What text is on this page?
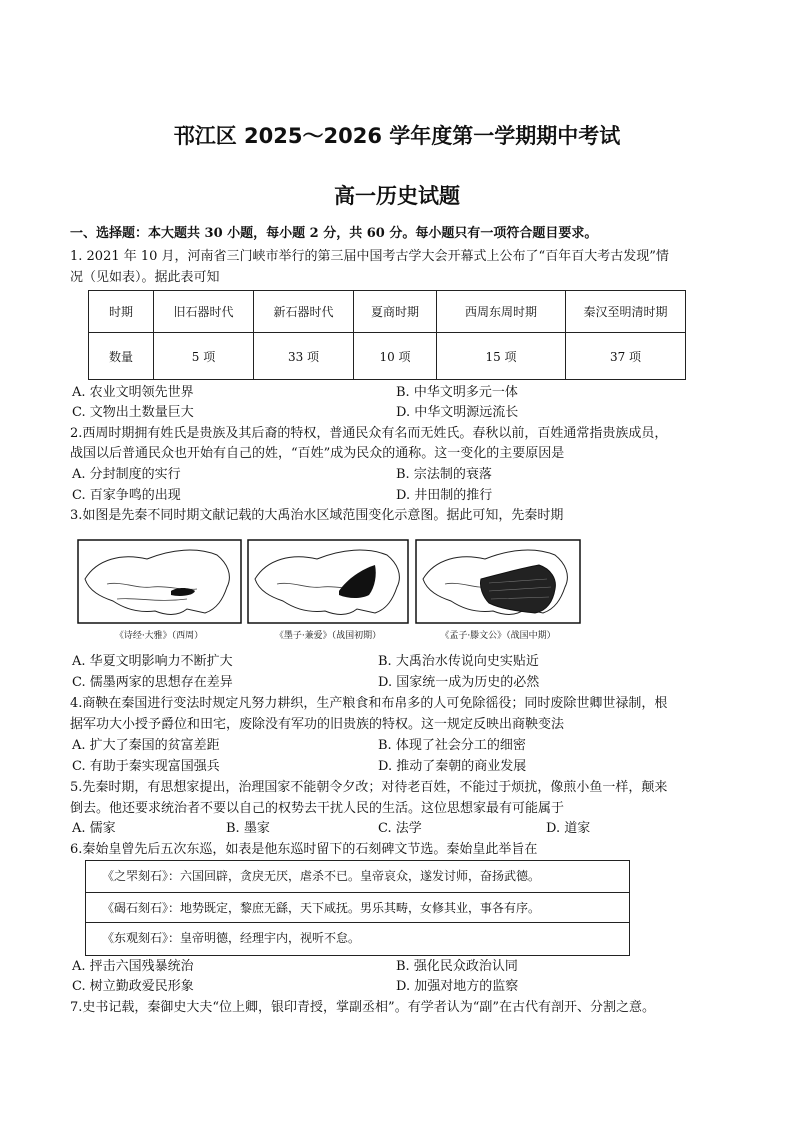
邗江区 2025～2026 学年度第一学期期中考试
高一历史试题
一、选择题：本大题共 30 小题，每小题 2 分，共 60 分。每小题只有一项符合题目要求。
1. 2021 年 10 月，河南省三门峡市举行的第三届中国考古学大会开幕式上公布了“百年百大考古发现”情
况（见如表）。据此表可知
时期	旧石器时代	新石器时代	夏商时期	西周东周时期	秦汉至明清时期
数量	5 项	33 项	10 项	15 项	37 项
A. 农业文明领先世界	B. 中华文明多元一体
C. 文物出土数量巨大	D. 中华文明源远流长
2.西周时期拥有姓氏是贵族及其后裔的特权，普通民众有名而无姓氏。春秋以前，百姓通常指贵族成员，
战国以后普通民众也开始有自己的姓，“百姓”成为民众的通称。这一变化的主要原因是
A. 分封制度的实行	B. 宗法制的衰落
C. 百家争鸣的出现	D. 井田制的推行
3.如图是先秦不同时期文献记载的大禹治水区域范围变化示意图。据此可知，先秦时期
《诗经·大雅》（西周）	《墨子·兼爱》（战国初期）	《孟子·滕文公》（战国中期）
A. 华夏文明影响力不断扩大	B. 大禹治水传说向史实贴近
C. 儒墨两家的思想存在差异	D. 国家统一成为历史的必然
4.商鞅在秦国进行变法时规定凡努力耕织，生产粮食和布帛多的人可免除徭役；同时废除世卿世禄制，根
据军功大小授予爵位和田宅，废除没有军功的旧贵族的特权。这一规定反映出商鞅变法
A. 扩大了秦国的贫富差距	B. 体现了社会分工的细密
C. 有助于秦实现富国强兵	D. 推动了秦朝的商业发展
5.先秦时期，有思想家提出，治理国家不能朝令夕改；对待老百姓，不能过于烦扰，像煎小鱼一样，颠来
倒去。他还要求统治者不要以自己的权势去干扰人民的生活。这位思想家最有可能属于
A. 儒家	B. 墨家	C. 法学	D. 道家
6.秦始皇曾先后五次东巡，如表是他东巡时留下的石刻碑文节选。秦始皇此举旨在
《之罘刻石》：六国回辟，贪戾无厌，虐杀不已。皇帝哀众，遂发讨师，奋扬武德。
《碣石刻石》：地势既定，黎庶无繇，天下咸抚。男乐其畴，女修其业，事各有序。
《东观刻石》：皇帝明德，经理宇内，视听不怠。
A. 抨击六国残暴统治	B. 强化民众政治认同
C. 树立勤政爱民形象	D. 加强对地方的监察
7.史书记载，秦御史大夫“位上卿，银印青授，掌副丞相”。有学者认为“副”在古代有剖开、分割之意。
